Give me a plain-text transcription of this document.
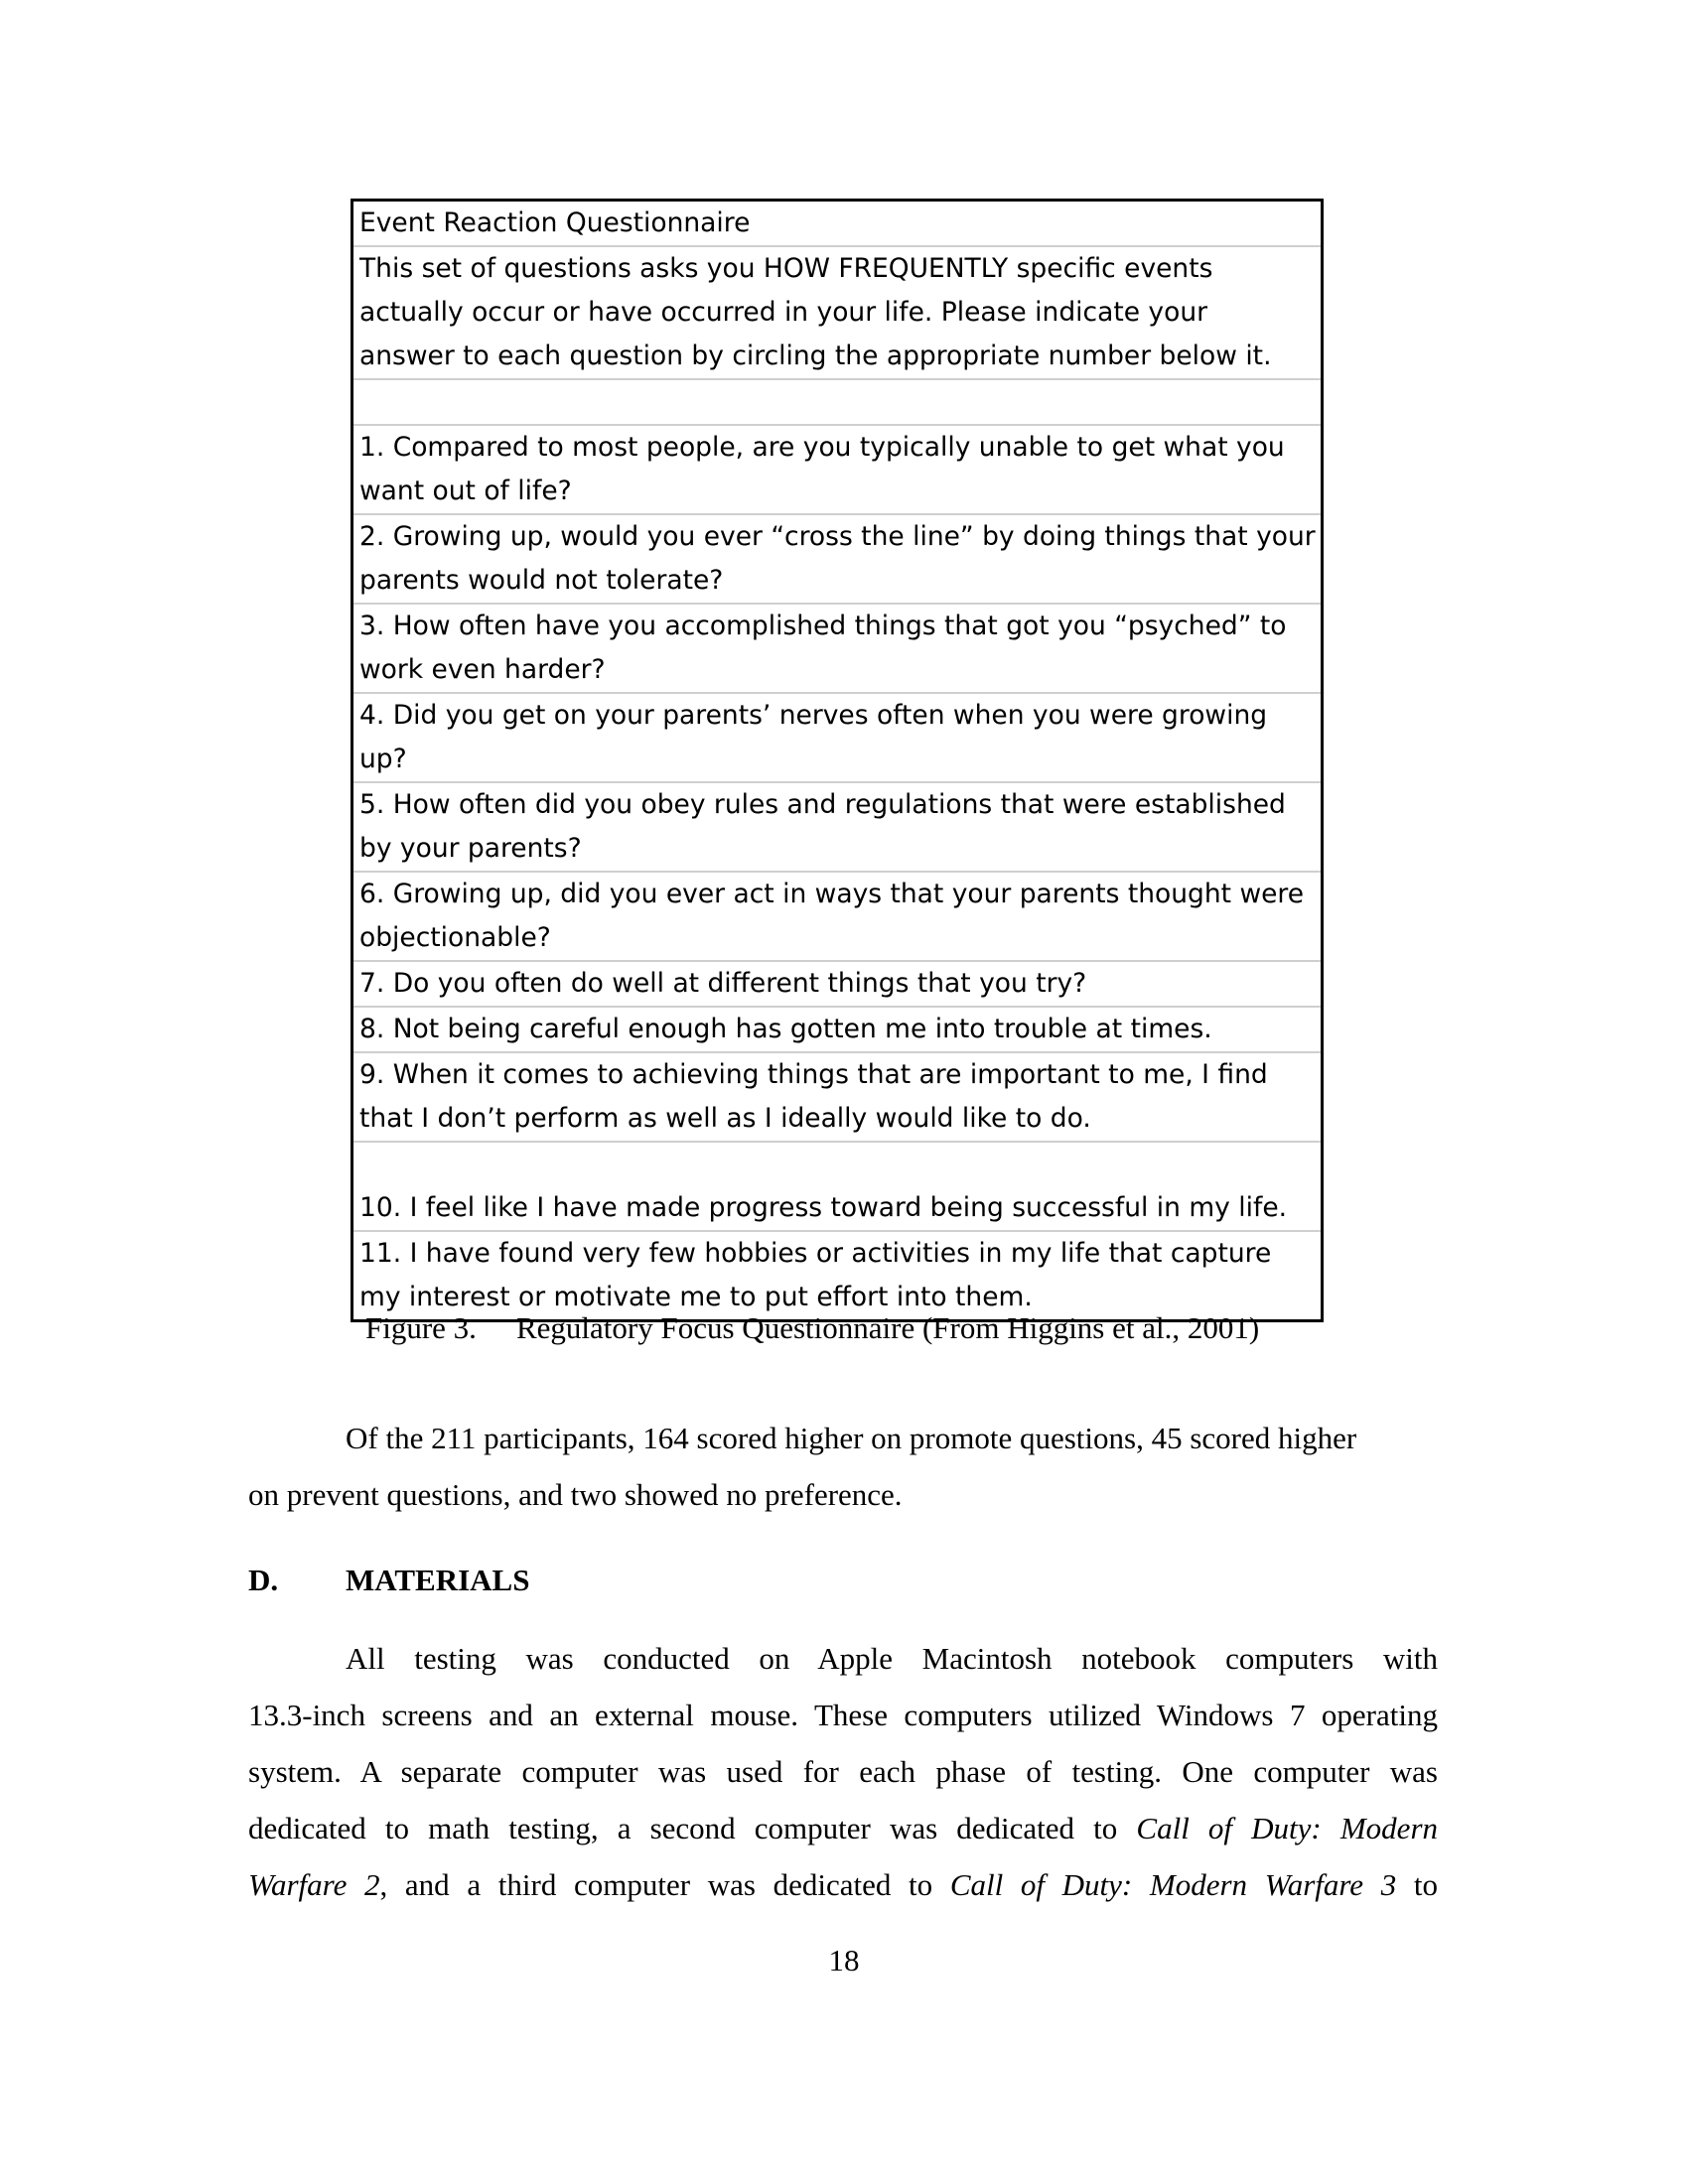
Event Reaction Questionnaire
This set of questions asks you HOW FREQUENTLY specific events
actually occur or have occurred in your life. Please indicate your
answer to each question by circling the appropriate number below it.
1. Compared to most people, are you typically unable to get what you
want out of life?
2. Growing up, would you ever “cross the line” by doing things that your
parents would not tolerate?
3. How often have you accomplished things that got you “psyched” to
work even harder?
4. Did you get on your parents’ nerves often when you were growing
up?
5. How often did you obey rules and regulations that were established
by your parents?
6. Growing up, did you ever act in ways that your parents thought were
objectionable?
7. Do you often do well at different things that you try?
8. Not being careful enough has gotten me into trouble at times.
9. When it comes to achieving things that are important to me, I find
that I don’t perform as well as I ideally would like to do.
10. I feel like I have made progress toward being successful in my life.
11. I have found very few hobbies or activities in my life that capture
my interest or motivate me to put effort into them.
Figure 3. Regulatory Focus Questionnaire (From Higgins et al., 2001)
Of the 211 participants, 164 scored higher on promote questions, 45 scored higher
on prevent questions, and two showed no preference.
D. MATERIALS
All testing was conducted on Apple Macintosh notebook computers with
13.3-inch screens and an external mouse. These computers utilized Windows 7 operating
system. A separate computer was used for each phase of testing. One computer was
dedicated to math testing, a second computer was dedicated to Call of Duty: Modern
Warfare 2, and a third computer was dedicated to Call of Duty: Modern Warfare 3 to
18
